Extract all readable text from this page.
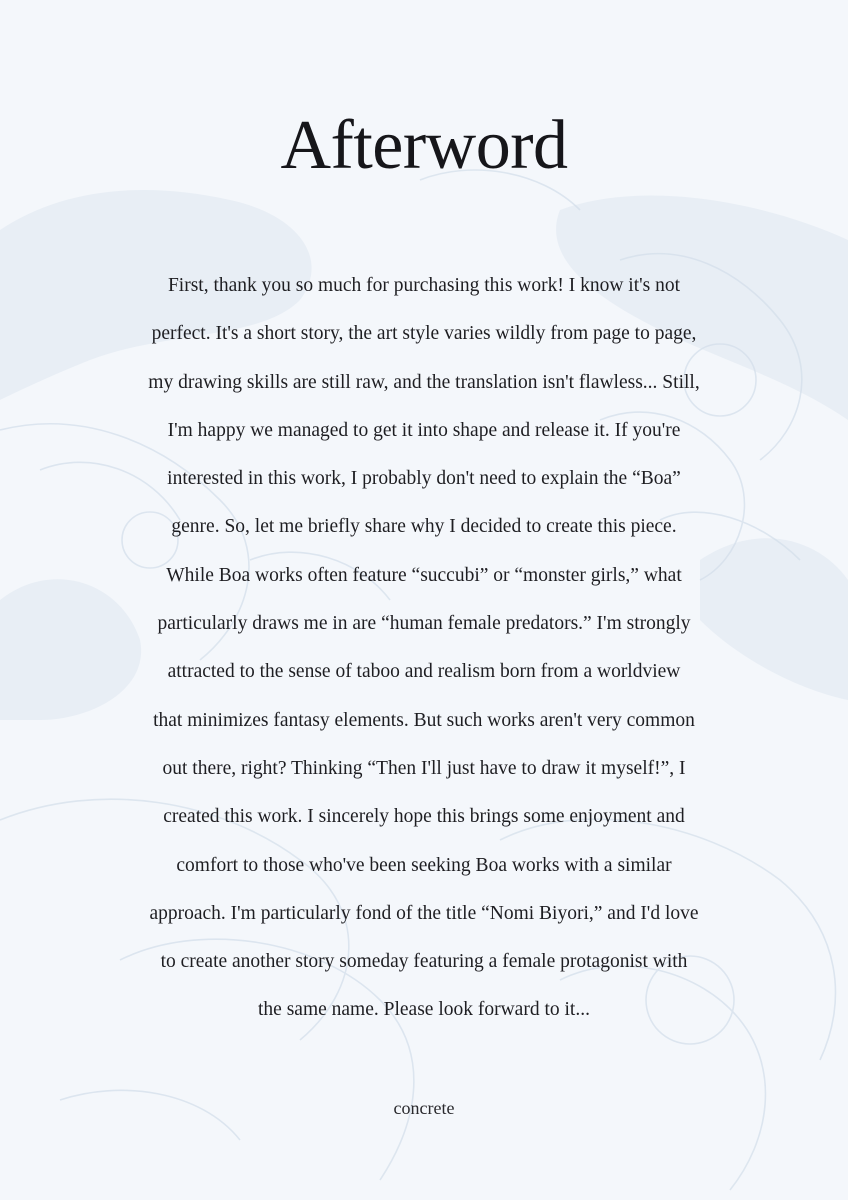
Afterword
First, thank you so much for purchasing this work! I know it's not
perfect. It's a short story, the art style varies wildly from page to page,
my drawing skills are still raw, and the translation isn't flawless... Still,
I'm happy we managed to get it into shape and release it. If you're
interested in this work, I probably don't need to explain the “Boa”
genre. So, let me briefly share why I decided to create this piece.
While Boa works often feature “succubi” or “monster girls,” what
particularly draws me in are “human female predators.” I'm strongly
attracted to the sense of taboo and realism born from a worldview
that minimizes fantasy elements. But such works aren't very common
out there, right? Thinking “Then I'll just have to draw it myself!”, I
created this work. I sincerely hope this brings some enjoyment and
comfort to those who've been seeking Boa works with a similar
approach. I'm particularly fond of the title “Nomi Biyori,” and I'd love
to create another story someday featuring a female protagonist with
the same name. Please look forward to it...
concrete
